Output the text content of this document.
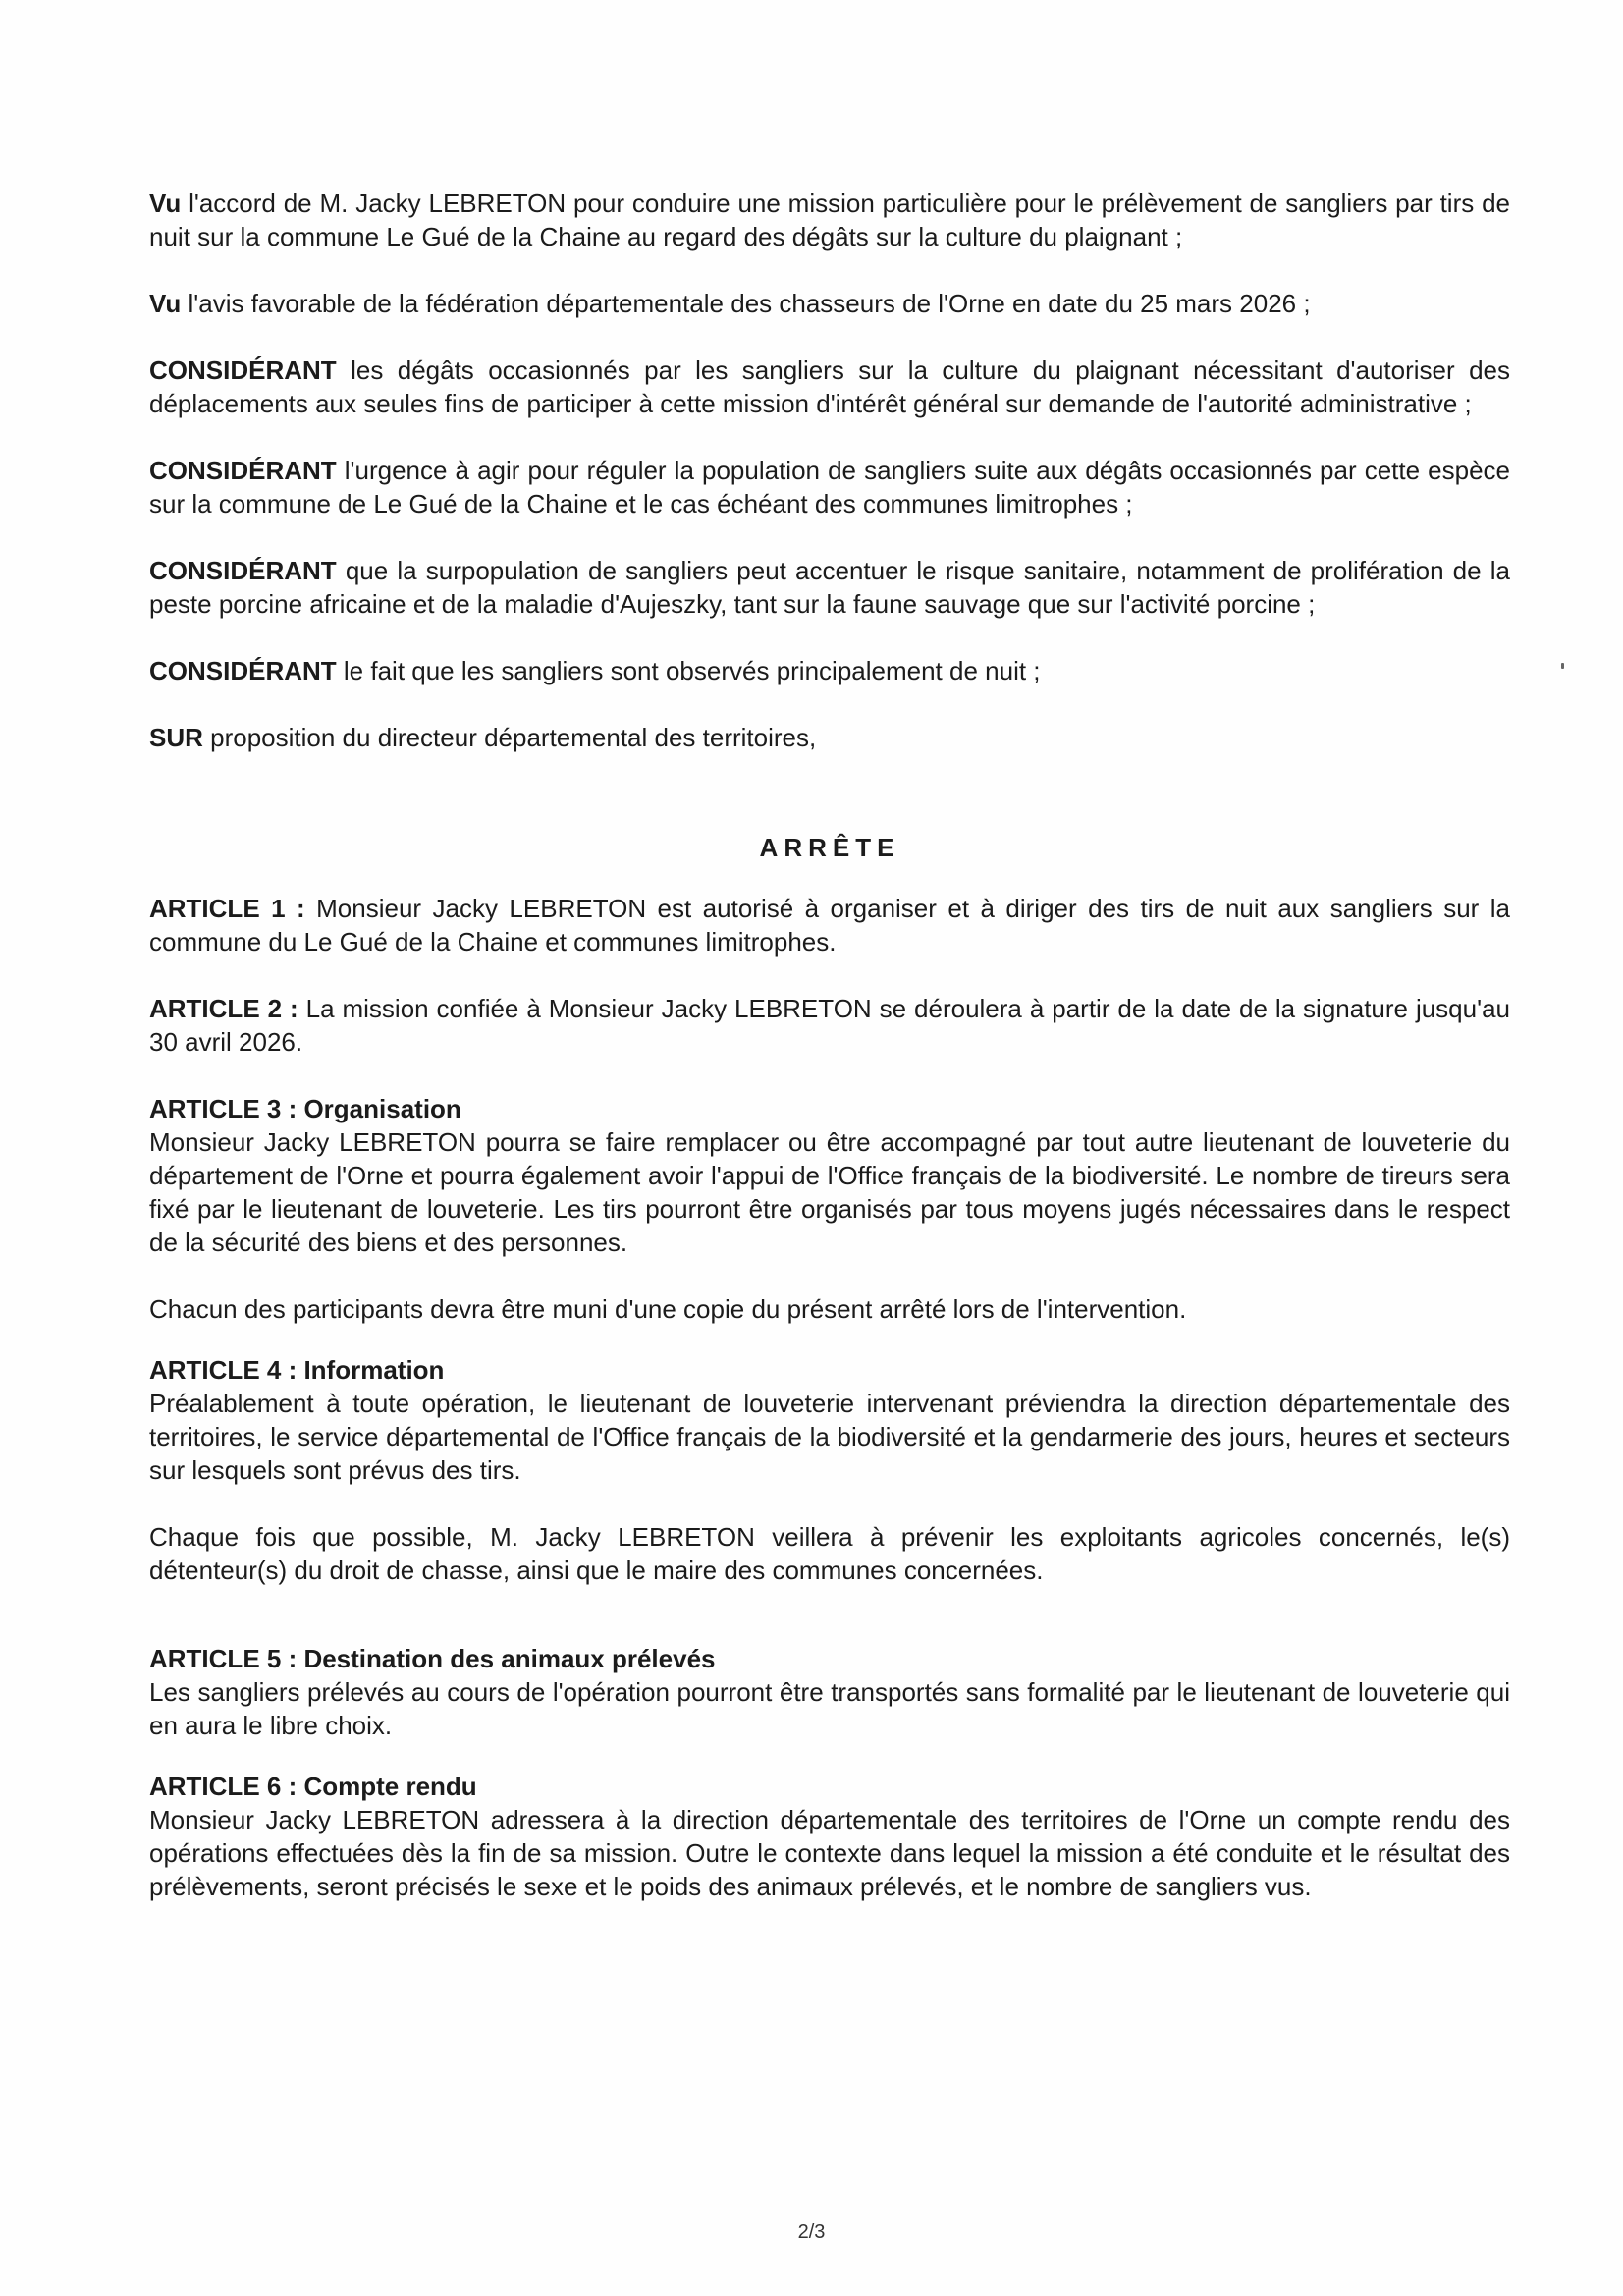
Vu l'accord de M. Jacky LEBRETON pour conduire une mission particulière pour le prélèvement de sangliers par tirs de nuit sur la commune Le Gué de la Chaine au regard des dégâts sur la culture du plaignant ;

Vu l'avis favorable de la fédération départementale des chasseurs de l'Orne en date du 25 mars 2026 ;

CONSIDÉRANT les dégâts occasionnés par les sangliers sur la culture du plaignant nécessitant d'autoriser des déplacements aux seules fins de participer à cette mission d'intérêt général sur demande de l'autorité administrative ;

CONSIDÉRANT l'urgence à agir pour réguler la population de sangliers suite aux dégâts occasionnés par cette espèce sur la commune de Le Gué de la Chaine et le cas échéant des communes limitrophes ;

CONSIDÉRANT que la surpopulation de sangliers peut accentuer le risque sanitaire, notamment de prolifération de la peste porcine africaine et de la maladie d'Aujeszky, tant sur la faune sauvage que sur l'activité porcine ;

CONSIDÉRANT le fait que les sangliers sont observés principalement de nuit ;

SUR proposition du directeur départemental des territoires,

ARRÊTE

ARTICLE 1 : Monsieur Jacky LEBRETON est autorisé à organiser et à diriger des tirs de nuit aux sangliers sur la commune du Le Gué de la Chaine et communes limitrophes.

ARTICLE 2 : La mission confiée à Monsieur Jacky LEBRETON se déroulera à partir de la date de la signature jusqu'au 30 avril 2026.

ARTICLE 3 : Organisation

Monsieur Jacky LEBRETON pourra se faire remplacer ou être accompagné par tout autre lieutenant de louveterie du département de l'Orne et pourra également avoir l'appui de l'Office français de la biodiversité. Le nombre de tireurs sera fixé par le lieutenant de louveterie. Les tirs pourront être organisés par tous moyens jugés nécessaires dans le respect de la sécurité des biens et des personnes.

Chacun des participants devra être muni d'une copie du présent arrêté lors de l'intervention.

ARTICLE 4 : Information

Préalablement à toute opération, le lieutenant de louveterie intervenant préviendra la direction départementale des territoires, le service départemental de l'Office français de la biodiversité et la gendarmerie des jours, heures et secteurs sur lesquels sont prévus des tirs.

Chaque fois que possible, M. Jacky LEBRETON veillera à prévenir les exploitants agricoles concernés, le(s) détenteur(s) du droit de chasse, ainsi que le maire des communes concernées.

ARTICLE 5 : Destination des animaux prélevés

Les sangliers prélevés au cours de l'opération pourront être transportés sans formalité par le lieutenant de louveterie qui en aura le libre choix.

ARTICLE 6 : Compte rendu

Monsieur Jacky LEBRETON adressera à la direction départementale des territoires de l'Orne un compte rendu des opérations effectuées dès la fin de sa mission. Outre le contexte dans lequel la mission a été conduite et le résultat des prélèvements, seront précisés le sexe et le poids des animaux prélevés, et le nombre de sangliers vus.

2/3
